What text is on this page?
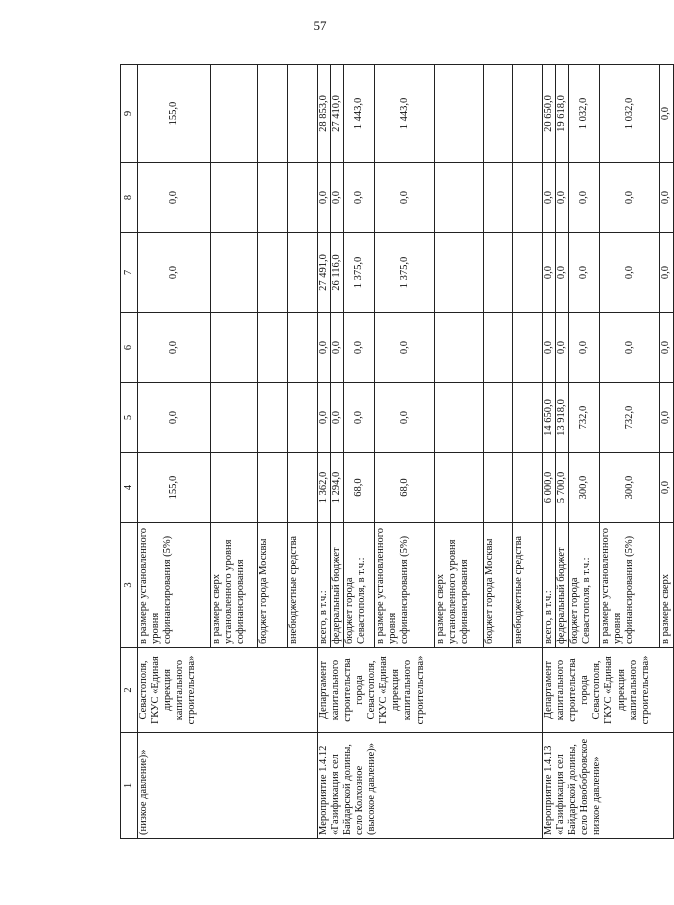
57
1	2	3	4	5	6	7	8	9
(низкое давление)»	Севастополя, ГКУС «Единая дирекция капитального строительства»	в размере установленного уровня софинансирования (5%)	155,0	0,0	0,0	0,0	0,0	155,0
		в размере сверх установленного уровня софинансирования						
		бюджет города Москвы						
		внебюджетные средства						
Мероприятие 1.4.12 «Газификация сел Байдарской долины, село Колхозное (высокое давление)»	Департамент капитального строительства города Севастополя, ГКУС «Единая дирекция капитального строительства»	всего, в т.ч.:	1 362,0	0,0	0,0	27 491,0	0,0	28 853,0
		федеральный бюджет	1 294,0	0,0	0,0	26 116,0	0,0	27 410,0
		бюджет города Севастополя, в т.ч.:	68,0	0,0	0,0	1 375,0	0,0	1 443,0
		в размере установленного уровня софинансирования (5%)	68,0	0,0	0,0	1 375,0	0,0	1 443,0
		в размере сверх установленного уровня софинансирования						
		бюджет города Москвы						
		внебюджетные средства						
Мероприятие 1.4.13 «Газификация сел Байдарской долины, село Новобобровское низкое давление»	Департамент капитального строительства города Севастополя, ГКУС «Единая дирекция капитального строительства»	всего, в т.ч.:	6 000,0	14 650,0	0,0	0,0	0,0	20 650,0
		федеральный бюджет	5 700,0	13 918,0	0,0	0,0	0,0	19 618,0
		бюджет города Севастополя, в т.ч.:	300,0	732,0	0,0	0,0	0,0	1 032,0
		в размере установленного уровня софинансирования (5%)	300,0	732,0	0,0	0,0	0,0	1 032,0
		в размере сверх	0,0	0,0	0,0	0,0	0,0	0,0
